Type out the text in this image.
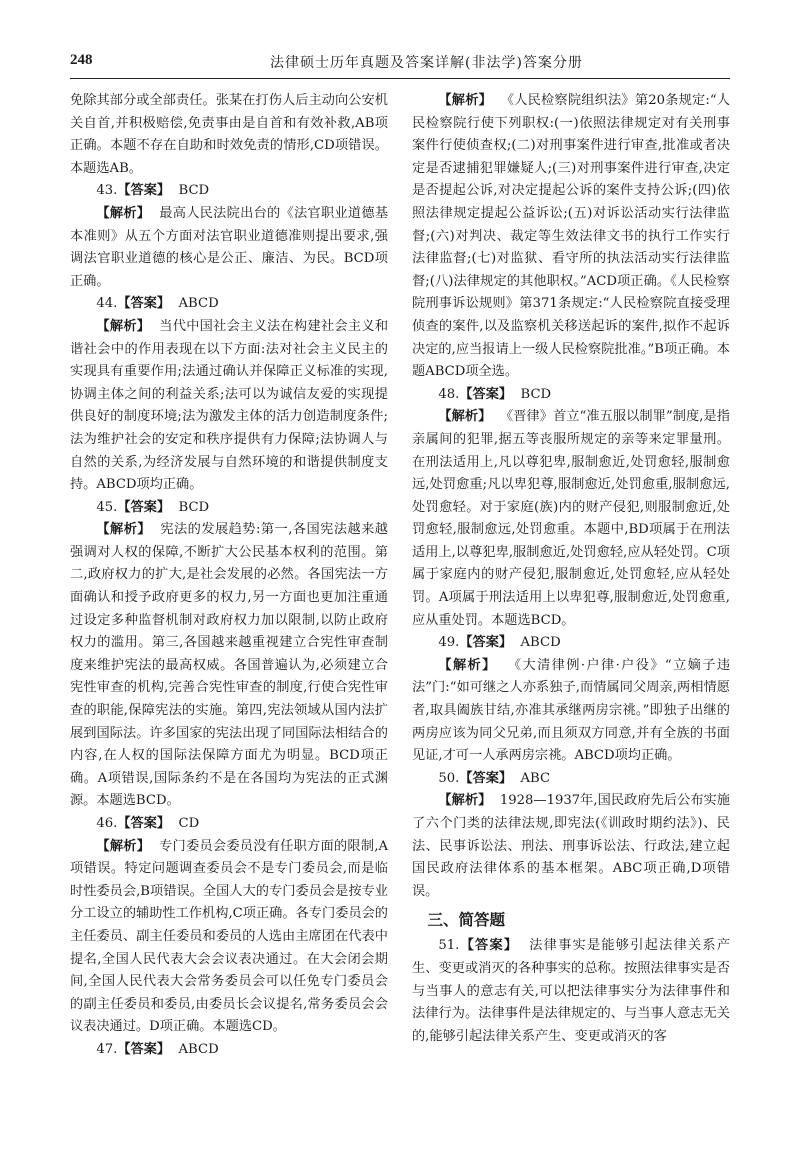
248	法律硕士历年真题及答案详解(非法学)答案分册

免除其部分或全部责任。张某在打伤人后主动向公安机关自首,并积极赔偿,免责事由是自首和有效补救,AB项正确。本题不存在自助和时效免责的情形,CD项错误。本题选AB。

43.【答案】 BCD

【解析】 最高人民法院出台的《法官职业道德基本准则》从五个方面对法官职业道德准则提出要求,强调法官职业道德的核心是公正、廉洁、为民。BCD项正确。

44.【答案】 ABCD

【解析】 当代中国社会主义法在构建社会主义和谐社会中的作用表现在以下方面:法对社会主义民主的实现具有重要作用;法通过确认并保障正义标准的实现,协调主体之间的利益关系;法可以为诚信友爱的实现提供良好的制度环境;法为激发主体的活力创造制度条件;法为维护社会的安定和秩序提供有力保障;法协调人与自然的关系,为经济发展与自然环境的和谐提供制度支持。ABCD项均正确。

45.【答案】 BCD

【解析】 宪法的发展趋势:第一,各国宪法越来越强调对人权的保障,不断扩大公民基本权利的范围。第二,政府权力的扩大,是社会发展的必然。各国宪法一方面确认和授予政府更多的权力,另一方面也更加注重通过设定多种监督机制对政府权力加以限制,以防止政府权力的滥用。第三,各国越来越重视建立合宪性审查制度来维护宪法的最高权威。各国普遍认为,必须建立合宪性审查的机构,完善合宪性审查的制度,行使合宪性审查的职能,保障宪法的实施。第四,宪法领域从国内法扩展到国际法。许多国家的宪法出现了同国际法相结合的内容,在人权的国际法保障方面尤为明显。BCD项正确。A项错误,国际条约不是在各国均为宪法的正式渊源。本题选BCD。

46.【答案】 CD

【解析】 专门委员会委员没有任职方面的限制,A项错误。特定问题调查委员会不是专门委员会,而是临时性委员会,B项错误。全国人大的专门委员会是按专业分工设立的辅助性工作机构,C项正确。各专门委员会的主任委员、副主任委员和委员的人选由主席团在代表中提名,全国人民代表大会会议表决通过。在大会闭会期间,全国人民代表大会常务委员会可以任免专门委员会的副主任委员和委员,由委员长会议提名,常务委员会会议表决通过。D项正确。本题选CD。

47.【答案】 ABCD

【解析】 《人民检察院组织法》第20条规定:“人民检察院行使下列职权:(一)依照法律规定对有关刑事案件行使侦查权;(二)对刑事案件进行审查,批准或者决定是否逮捕犯罪嫌疑人;(三)对刑事案件进行审查,决定是否提起公诉,对决定提起公诉的案件支持公诉;(四)依照法律规定提起公益诉讼;(五)对诉讼活动实行法律监督;(六)对判决、裁定等生效法律文书的执行工作实行法律监督;(七)对监狱、看守所的执法活动实行法律监督;(八)法律规定的其他职权。”ACD项正确。《人民检察院刑事诉讼规则》第371条规定:“人民检察院直接受理侦查的案件,以及监察机关移送起诉的案件,拟作不起诉决定的,应当报请上一级人民检察院批准。”B项正确。本题ABCD项全选。

48.【答案】 BCD

【解析】 《晋律》首立“准五服以制罪”制度,是指亲属间的犯罪,据五等丧服所规定的亲等来定罪量刑。在刑法适用上,凡以尊犯卑,服制愈近,处罚愈轻,服制愈远,处罚愈重;凡以卑犯尊,服制愈近,处罚愈重,服制愈远,处罚愈轻。对于家庭(族)内的财产侵犯,则服制愈近,处罚愈轻,服制愈远,处罚愈重。本题中,BD项属于在刑法适用上,以尊犯卑,服制愈近,处罚愈轻,应从轻处罚。C项属于家庭内的财产侵犯,服制愈近,处罚愈轻,应从轻处罚。A项属于刑法适用上以卑犯尊,服制愈近,处罚愈重,应从重处罚。本题选BCD。

49.【答案】 ABCD

【解析】 《大清律例·户律·户役》“立嫡子违法”门:“如可继之人亦系独子,而情属同父周亲,两相情愿者,取具阖族甘结,亦准其承继两房宗祧。”即独子出继的两房应该为同父兄弟,而且须双方同意,并有全族的书面见证,才可一人承两房宗祧。ABCD项均正确。

50.【答案】 ABC

【解析】 1928—1937年,国民政府先后公布实施了六个门类的法律法规,即宪法(《训政时期约法》)、民法、民事诉讼法、刑法、刑事诉讼法、行政法,建立起国民政府法律体系的基本框架。ABC项正确,D项错误。

三、简答题

51.【答案】 法律事实是能够引起法律关系产生、变更或消灭的各种事实的总称。按照法律事实是否与当事人的意志有关,可以把法律事实分为法律事件和法律行为。法律事件是法律规定的、与当事人意志无关的,能够引起法律关系产生、变更或消灭的客
